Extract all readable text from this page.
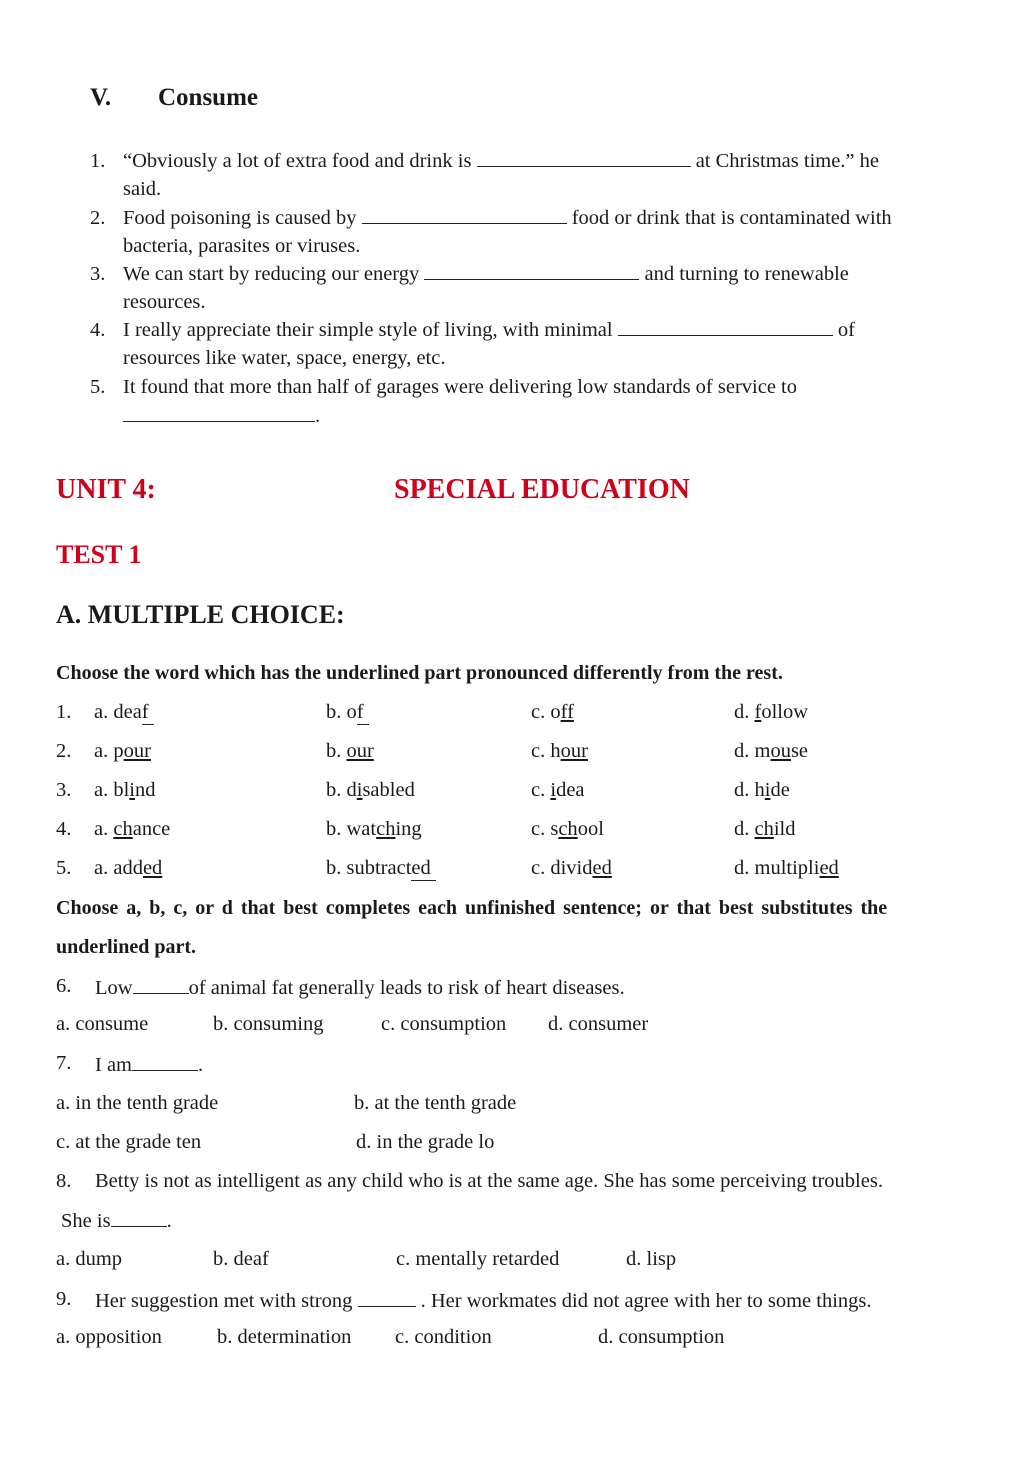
V. Consume
1. “Obviously a lot of extra food and drink is	at Christmas time.” he
said.
2. Food poisoning is caused by	food or drink that is contaminated with
bacteria, parasites or viruses.
3. We can start by reducing our energy	and turning to renewable
resources.
4. I really appreciate their simple style of living, with minimal	of
resources like water, space, energy, etc.
5. It found that more than half of garages were delivering low standards of service to
.
UNIT 4:	SPECIAL EDUCATION
TEST 1
A. MULTIPLE CHOICE:
Choose the word which has the underlined part pronounced differently from the rest.
1. a. deaf	b. of	c. off	d. follow
2. a. pour	b. our	c. hour	d. mouse
3. a. blind	b. disabled	c. idea	d. hide
4. a. chance	b. watching	c. school	d. child
5. a. added	b. subtracted	c. divided	d. multiplied
Choose a, b, c, or d that best completes each unfinished sentence; or that best substitutes the
underlined part.
6. Low	of animal fat generally leads to risk of heart diseases.
a. consume	b. consuming	c. consumption d. consumer
7. I am	.
a. in the tenth grade	b. at the tenth grade
c. at the grade ten	d. in the grade lo
8. Betty is not as intelligent as any child who is at the same age. She has some perceiving troubles.
She is	.
a. dump	b. deaf	c. mentally retarded	d. lisp
9. Her suggestion met with strong	. Her workmates did not agree with her to some things.
a. opposition	b. determination c. condition	d. consumption
